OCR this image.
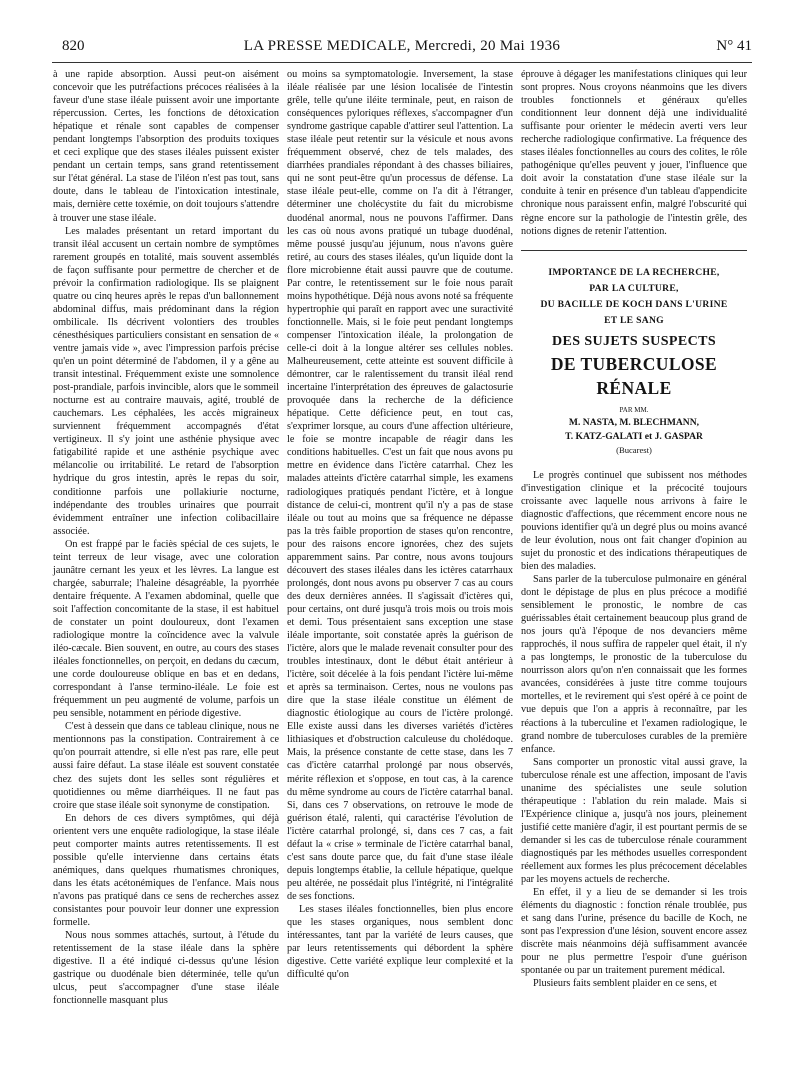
820	LA PRESSE MEDICALE, Mercredi, 20 Mai 1936	N° 41

à une rapide absorption. Aussi peut-on aisément concevoir que les putréfactions précoces réalisées à la faveur d'une stase iléale puissent avoir une importante répercussion. Certes, les fonctions de détoxication hépatique et rénale sont capables de compenser pendant longtemps l'absorption des produits toxiques et ceci explique que des stases iléales puissent exister pendant un certain temps, sans grand retentissement sur l'état général. La stase de l'iléon n'est pas tout, sans doute, dans le tableau de l'intoxication intestinale, mais, dernière cette toxémie, on doit toujours s'attendre à trouver une stase iléale.

Les malades présentant un retard important du transit iléal accusent un certain nombre de symptômes rarement groupés en totalité, mais souvent assemblés de façon suffisante pour permettre de chercher et de prévoir la confirmation radiologique. Ils se plaignent quatre ou cinq heures après le repas d'un ballonnement abdominal diffus, mais prédominant dans la région ombilicale. Ils décrivent volontiers des troubles cénesthésiques particuliers consistant en sensation de « ventre jamais vide », avec l'impression parfois précise qu'en un point déterminé de l'abdomen, il y a gêne au transit intestinal. Fréquemment existe une somnolence post-prandiale, parfois invincible, alors que le sommeil nocturne est au contraire mauvais, agité, troublé de cauchemars. Les céphalées, les accès migraineux surviennent fréquemment accompagnés d'état vertigineux. Il s'y joint une asthénie physique avec fatigabilité rapide et une asthénie psychique avec mélancolie ou irritabilité. Le retard de l'absorption hydrique du gros intestin, après le repas du soir, conditionne parfois une pollakiurie nocturne, indépendante des troubles urinaires que pourrait évidemment entraîner une infection colibacillaire associée.

On est frappé par le faciès spécial de ces sujets, le teint terreux de leur visage, avec une coloration jaunâtre cernant les yeux et les lèvres. La langue est chargée, saburrale; l'haleine désagréable, la pyorrhée dentaire fréquente. A l'examen abdominal, quelle que soit l'affection concomitante de la stase, il est habituel de constater un point douloureux, dont l'examen radiologique montre la coïncidence avec la valvule iléo-cæcale. Bien souvent, en outre, au cours des stases iléales fonctionnelles, on perçoit, en dedans du cæcum, une corde douloureuse oblique en bas et en dedans, correspondant à l'anse termino-iléale. Le foie est fréquemment un peu augmenté de volume, parfois un peu sensible, notamment en période digestive.

C'est à dessein que dans ce tableau clinique, nous ne mentionnons pas la constipation. Contrairement à ce qu'on pourrait attendre, si elle n'est pas rare, elle peut aussi faire défaut. La stase iléale est souvent constatée chez des sujets dont les selles sont régulières et quotidiennes ou même diarrhéiques. Il ne faut pas croire que stase iléale soit synonyme de constipation.

En dehors de ces divers symptômes, qui déjà orientent vers une enquête radiologique, la stase iléale peut comporter maints autres retentissements. Il est possible qu'elle intervienne dans certains états anémiques, dans quelques rhumatismes chroniques, dans les états acétonémiques de l'enfance. Mais nous n'avons pas pratiqué dans ce sens de recherches assez consistantes pour pouvoir leur donner une expression formelle.

Nous nous sommes attachés, surtout, à l'étude du retentissement de la stase iléale dans la sphère digestive. Il a été indiqué ci-dessus qu'une lésion gastrique ou duodénale bien déterminée, telle qu'un ulcus, peut s'accompagner d'une stase iléale fonctionnelle masquant plus

ou moins sa symptomatologie. Inversement, la stase iléale réalisée par une lésion localisée de l'intestin grêle, telle qu'une iléite terminale, peut, en raison de conséquences pyloriques réflexes, s'accompagner d'un syndrome gastrique capable d'attirer seul l'attention. La stase iléale peut retentir sur la vésicule et nous avons fréquemment observé, chez de tels malades, des diarrhées prandiales répondant à des chasses biliaires, qui ne sont peut-être qu'un processus de défense. La stase iléale peut-elle, comme on l'a dit à l'étranger, déterminer une cholécystite du fait du microbisme duodénal anormal, nous ne pouvons l'affirmer. Dans les cas où nous avons pratiqué un tubage duodénal, même poussé jusqu'au jéjunum, nous n'avons guère retiré, au cours des stases iléales, qu'un liquide dont la flore microbienne était aussi pauvre que de coutume. Par contre, le retentissement sur le foie nous paraît moins hypothétique. Déjà nous avons noté sa fréquente hypertrophie qui paraît en rapport avec une suractivité fonctionnelle. Mais, si le foie peut pendant longtemps compenser l'intoxication iléale, la prolongation de celle-ci doit à la longue altérer ses cellules nobles. Malheureusement, cette atteinte est souvent difficile à démontrer, car le ralentissement du transit iléal rend incertaine l'interprétation des épreuves de galactosurie provoquée dans la recherche de la déficience hépatique. Cette déficience peut, en tout cas, s'exprimer lorsque, au cours d'une affection ultérieure, le foie se montre incapable de réagir dans les conditions habituelles. C'est un fait que nous avons pu mettre en évidence dans l'ictère catarrhal. Chez les malades atteints d'ictère catarrhal simple, les examens radiologiques pratiqués pendant l'ictère, et à longue distance de celui-ci, montrent qu'il n'y a pas de stase iléale ou tout au moins que sa fréquence ne dépasse pas la très faible proportion de stases qu'on rencontre, pour des raisons encore ignorées, chez des sujets apparemment sains. Par contre, nous avons toujours découvert des stases iléales dans les ictères catarrhaux prolongés, dont nous avons pu observer 7 cas au cours des deux dernières années. Il s'agissait d'ictères qui, pour certains, ont duré jusqu'à trois mois ou trois mois et demi. Tous présentaient sans exception une stase iléale importante, soit constatée après la guérison de l'ictère, alors que le malade revenait consulter pour des troubles intestinaux, dont le début était antérieur à l'ictère, soit décelée à la fois pendant l'ictère lui-même et après sa terminaison. Certes, nous ne voulons pas dire que la stase iléale constitue un élément de diagnostic étiologique au cours de l'ictère prolongé. Elle existe aussi dans les diverses variétés d'ictères lithiasiques et d'obstruction calculeuse du cholédoque. Mais, la présence constante de cette stase, dans les 7 cas d'ictère catarrhal prolongé par nous observés, mérite réflexion et s'oppose, en tout cas, à la carence du même syndrome au cours de l'ictère catarrhal banal. Si, dans ces 7 observations, on retrouve le mode de guérison étalé, ralenti, qui caractérise l'évolution de l'ictère catarrhal prolongé, si, dans ces 7 cas, a fait défaut la « crise » terminale de l'ictère catarrhal banal, c'est sans doute parce que, du fait d'une stase iléale depuis longtemps établie, la cellule hépatique, quelque peu altérée, ne possédait plus l'intégrité, ni l'intégralité de ses fonctions.

Les stases iléales fonctionnelles, bien plus encore que les stases organiques, nous semblent donc intéressantes, tant par la variété de leurs causes, que par leurs retentissements qui débordent la sphère digestive. Cette variété explique leur complexité et la difficulté qu'on

éprouve à dégager les manifestations cliniques qui leur sont propres. Nous croyons néanmoins que les divers troubles fonctionnels et généraux qu'elles conditionnent leur donnent déjà une individualité suffisante pour orienter le médecin averti vers leur recherche radiologique confirmative. La fréquence des stases iléales fonctionnelles au cours des colites, le rôle pathogénique qu'elles peuvent y jouer, l'influence que doit avoir la constatation d'une stase iléale sur la conduite à tenir en présence d'un tableau d'appendicite chronique nous paraissent enfin, malgré l'obscurité qui règne encore sur la pathologie de l'intestin grêle, des notions dignes de retenir l'attention.

IMPORTANCE DE LA RECHERCHE,
PAR LA CULTURE,
DU BACILLE DE KOCH DANS L'URINE
ET LE SANG
DES SUJETS SUSPECTS
DE TUBERCULOSE RÉNALE
PAR MM.
M. NASTA, M. BLECHMANN,
T. KATZ-GALATI et J. GASPAR
(Bucarest)

Le progrès continuel que subissent nos méthodes d'investigation clinique et la précocité toujours croissante avec laquelle nous arrivons à faire le diagnostic d'affections, que récemment encore nous ne pouvions identifier qu'à un degré plus ou moins avancé de leur évolution, nous ont fait changer d'opinion au sujet du pronostic et des indications thérapeutiques de bien des maladies.

Sans parler de la tuberculose pulmonaire en général dont le dépistage de plus en plus précoce a modifié sensiblement le pronostic, le nombre de cas guérissables était certainement beaucoup plus grand de nos jours qu'à l'époque de nos devanciers même rapprochés, il nous suffira de rappeler quel était, il n'y a pas longtemps, le pronostic de la tuberculose du nourrisson alors qu'on n'en connaissait que les formes avancées, considérées à juste titre comme toujours mortelles, et le revirement qui s'est opéré à ce point de vue depuis que l'on a appris à reconnaître, par les réactions à la tuberculine et l'examen radiologique, le grand nombre de tuberculoses curables de la première enfance.

Sans comporter un pronostic vital aussi grave, la tuberculose rénale est une affection, imposant de l'avis unanime des spécialistes une seule solution thérapeutique : l'ablation du rein malade. Mais si l'Expérience clinique a, jusqu'à nos jours, pleinement justifié cette manière d'agir, il est pourtant permis de se demander si les cas de tuberculose rénale couramment diagnostiqués par les méthodes usuelles correspondent réellement aux formes les plus précocement décelables par les moyens actuels de recherche.

En effet, il y a lieu de se demander si les trois éléments du diagnostic : fonction rénale troublée, pus et sang dans l'urine, présence du bacille de Koch, ne sont pas l'expression d'une lésion, souvent encore assez discrète mais néanmoins déjà suffisamment avancée pour ne plus permettre l'espoir d'une guérison spontanée ou par un traitement purement médical.

Plusieurs faits semblent plaider en ce sens, et
